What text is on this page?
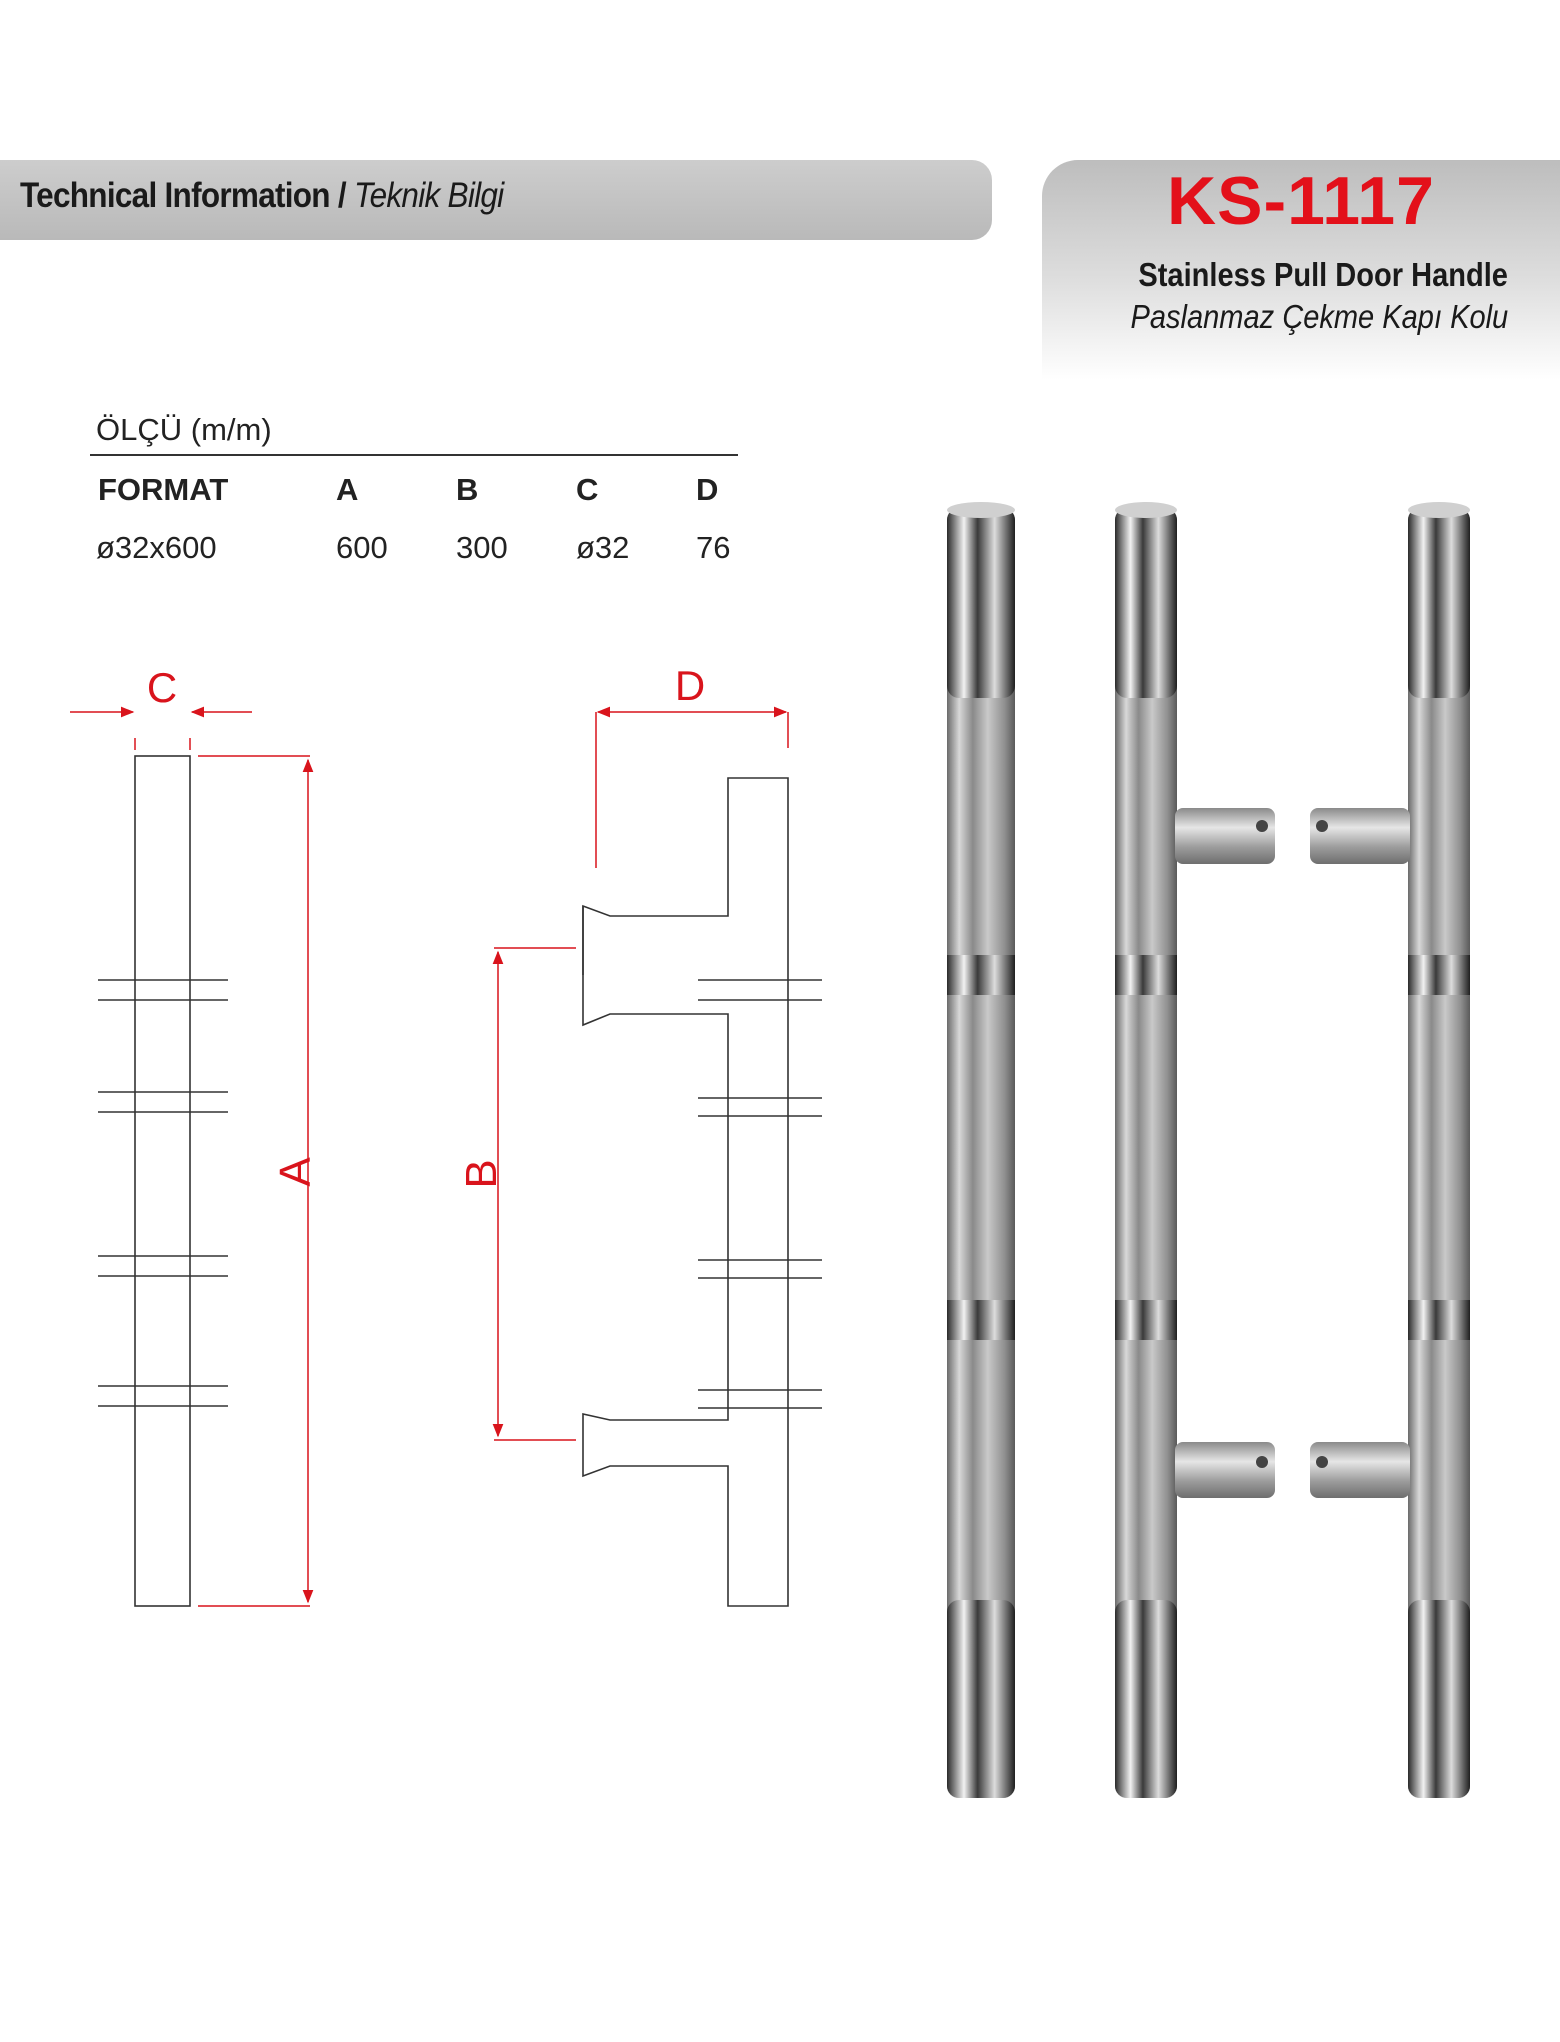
Technical Information / Teknik Bilgi	KS-1117
Stainless Pull Door Handle
Paslanmaz Çekme Kapı Kolu
ÖLÇÜ (m/m)
FORMAT	A	B	C	D
ø32x600	600 300 ø32 76
C
A
D
B
